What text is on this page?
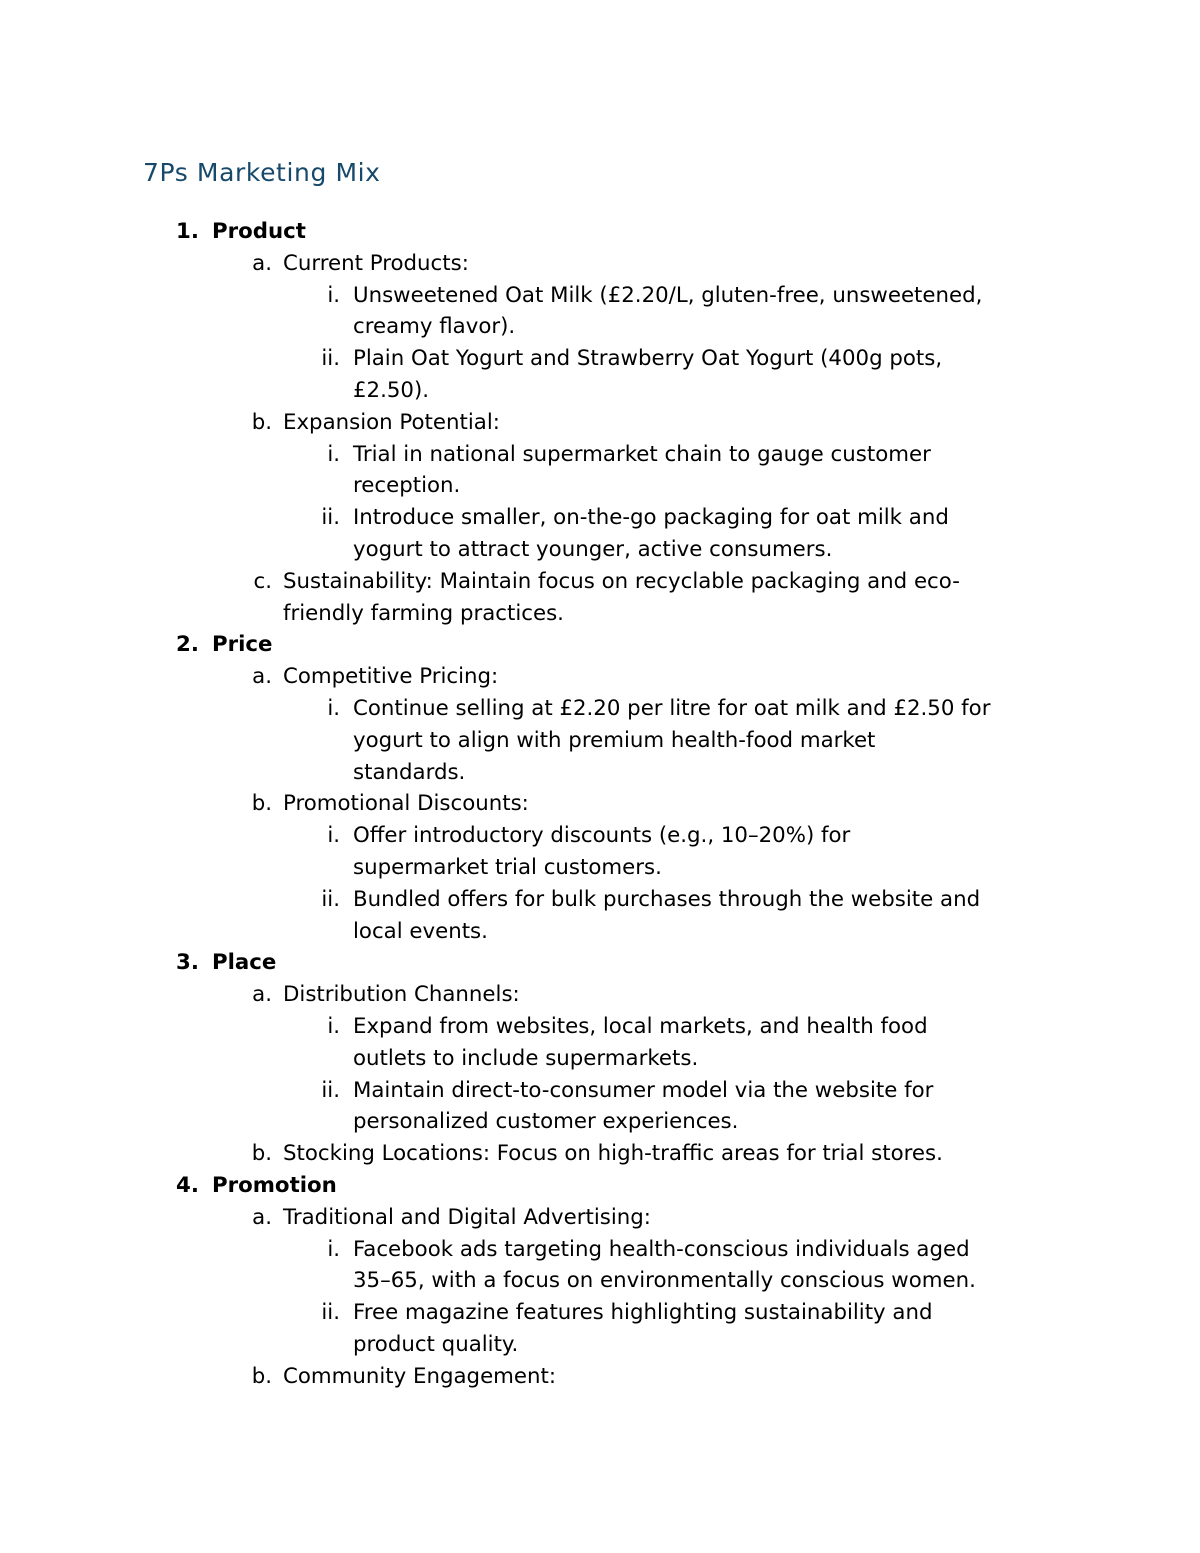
7Ps Marketing Mix
1. Product
a. Current Products:
i. Unsweetened Oat Milk (£2.20/L, gluten-free, unsweetened,
creamy flavor).
ii. Plain Oat Yogurt and Strawberry Oat Yogurt (400g pots,
£2.50).
b. Expansion Potential:
i. Trial in national supermarket chain to gauge customer
reception.
ii. Introduce smaller, on-the-go packaging for oat milk and
yogurt to attract younger, active consumers.
c. Sustainability: Maintain focus on recyclable packaging and eco-
friendly farming practices.
2. Price
a. Competitive Pricing:
i. Continue selling at £2.20 per litre for oat milk and £2.50 for
yogurt to align with premium health-food market
standards.
b. Promotional Discounts:
i. Offer introductory discounts (e.g., 10–20%) for
supermarket trial customers.
ii. Bundled offers for bulk purchases through the website and
local events.
3. Place
a. Distribution Channels:
i. Expand from websites, local markets, and health food
outlets to include supermarkets.
ii. Maintain direct-to-consumer model via the website for
personalized customer experiences.
b. Stocking Locations: Focus on high-traffic areas for trial stores.
4. Promotion
a. Traditional and Digital Advertising:
i. Facebook ads targeting health-conscious individuals aged
35–65, with a focus on environmentally conscious women.
ii. Free magazine features highlighting sustainability and
product quality.
b. Community Engagement:
